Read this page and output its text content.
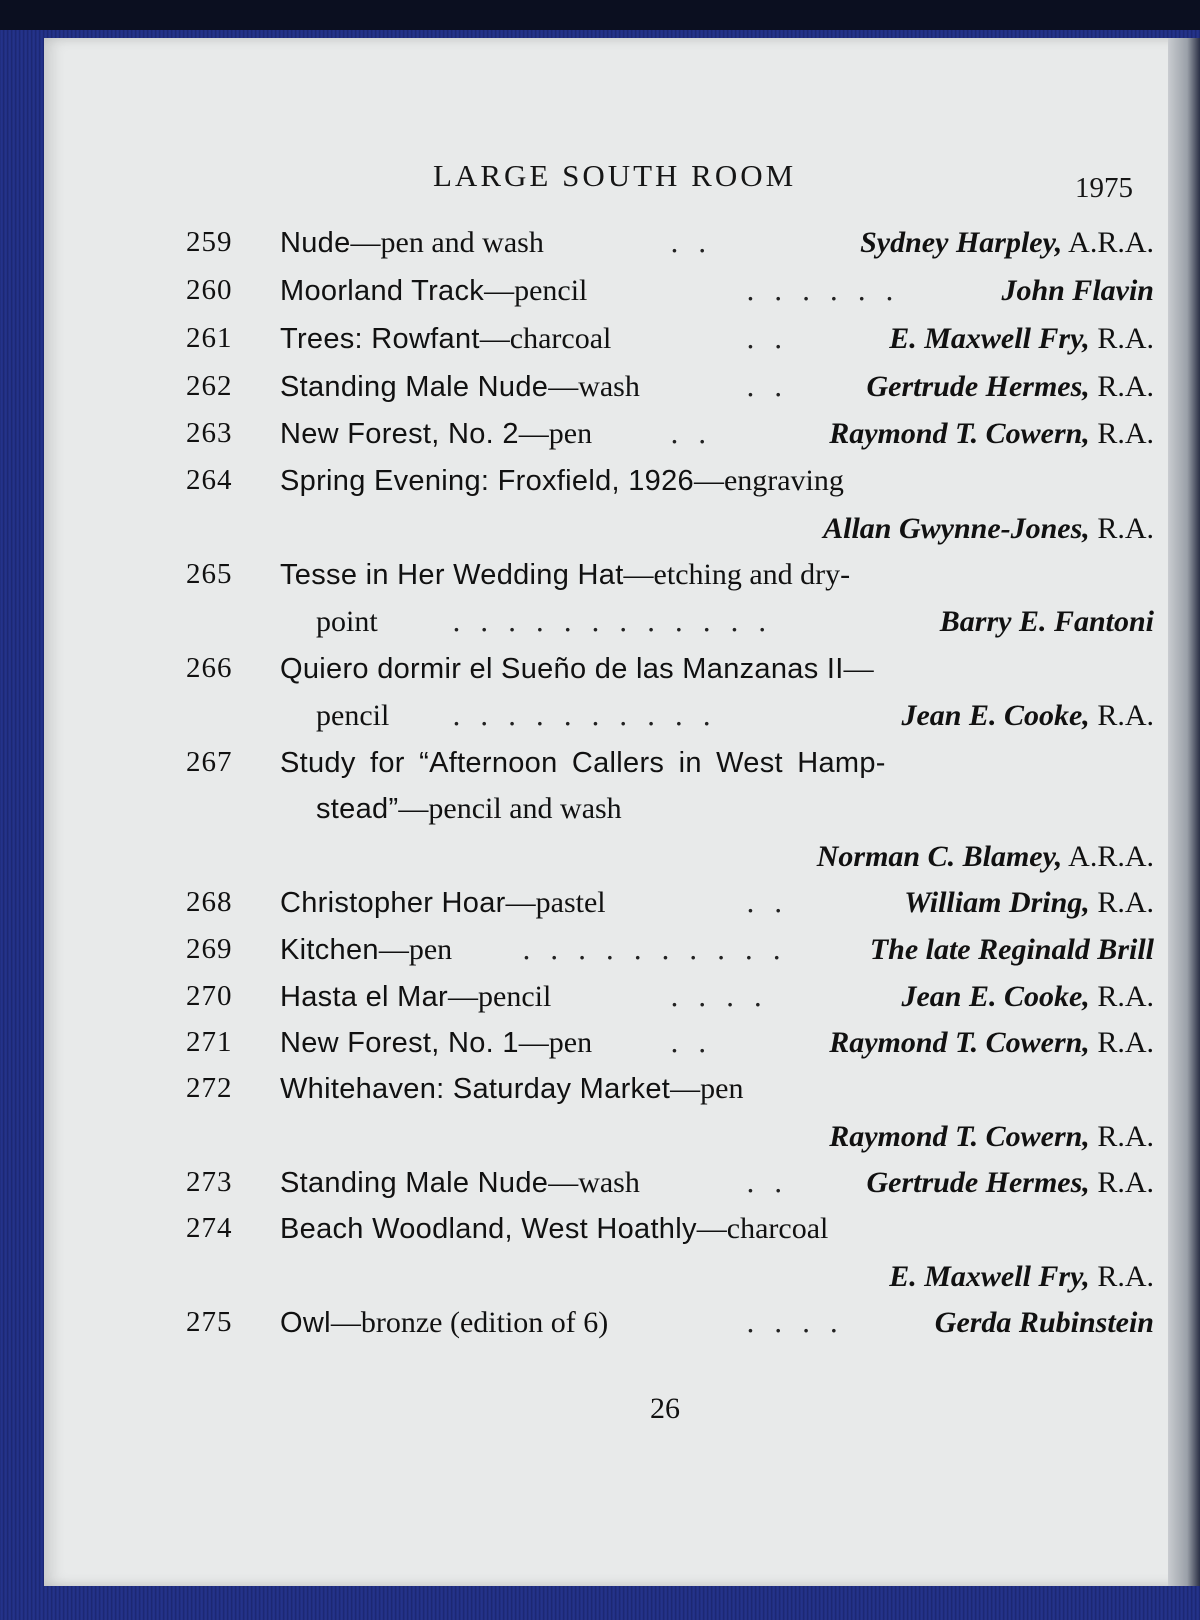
LARGE SOUTH ROOM	1975
259 Nude—pen and wash	. .	Sydney Harpley, A.R.A.
260 Moorland Track—pencil	. . . . . .	John Flavin
261 Trees: Rowfant—charcoal	. .	E. Maxwell Fry, R.A.
262 Standing Male Nude—wash	. .	Gertrude Hermes, R.A.
263 New Forest, No. 2—pen	. .	Raymond T. Cowern, R.A.
264 Spring Evening: Froxfield, 1926—engraving
Allan Gwynne-Jones, R.A.
265 Tesse in Her Wedding Hat—etching and dry-
point	. . . . . . . . . . . .	Barry E. Fantoni
266 Quiero dormir el Sueño de las Manzanas II—
pencil . . . . . . . . . .	Jean E. Cooke, R.A.
267 Study for “Afternoon Callers in West Hamp-
stead”—pencil and wash
Norman C. Blamey, A.R.A.
268 Christopher Hoar—pastel	. .	William Dring, R.A.
269 Kitchen—pen . . . . . . . . . .	The late Reginald Brill
270 Hasta el Mar—pencil	. . . .	Jean E. Cooke, R.A.
271 New Forest, No. 1—pen	. .	Raymond T. Cowern, R.A.
272 Whitehaven: Saturday Market—pen
Raymond T. Cowern, R.A.
273 Standing Male Nude—wash	. .	Gertrude Hermes, R.A.
274 Beach Woodland, West Hoathly—charcoal
E. Maxwell Fry, R.A.
275 Owl—bronze (edition of 6)	. . . .	Gerda Rubinstein
26
